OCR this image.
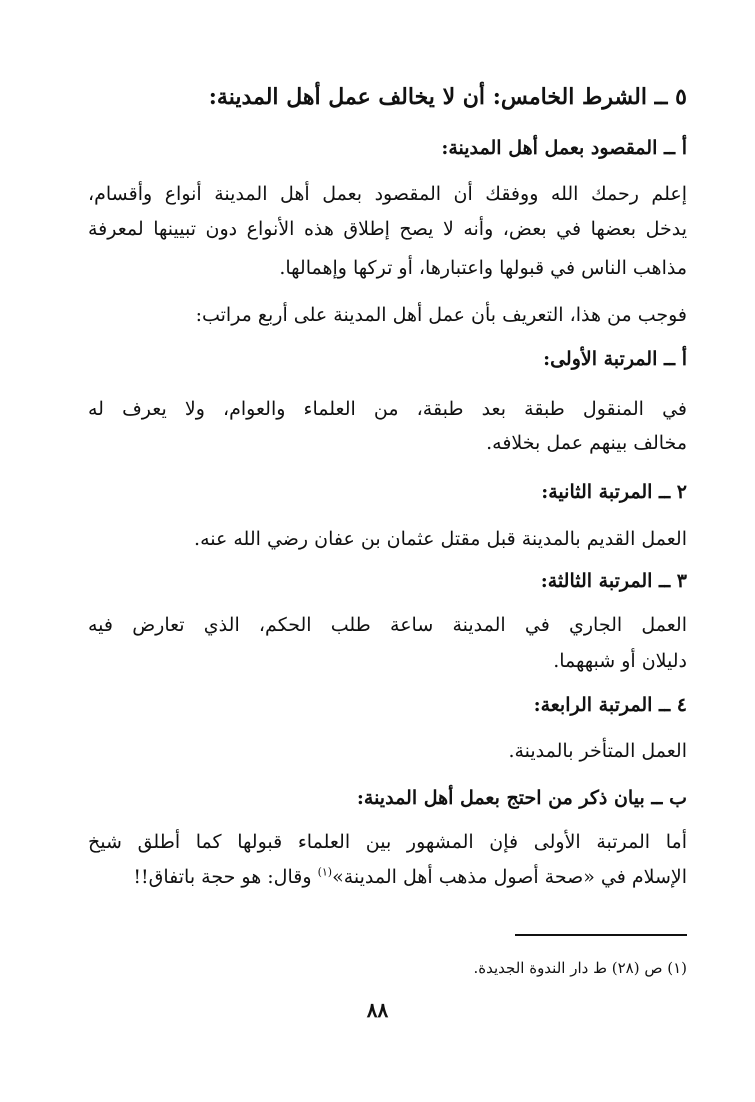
٥ ــ الشرط الخامس: أن لا يخالف عمل أهل المدينة:
أ ــ المقصود بعمل أهل المدينة:
إعلم رحمك الله ووفقك أن المقصود بعمل أهل المدينة أنواع وأقسام،
يدخل بعضها في بعض، وأنه لا يصح إطلاق هذه الأنواع دون تبيينها لمعرفة
مذاهب الناس في قبولها واعتبارها، أو تركها وإهمالها.
فوجب من هذا، التعريف بأن عمل أهل المدينة على أربع مراتب:
أ ــ المرتبة الأولى:
في المنقول طبقة بعد طبقة، من العلماء والعوام، ولا يعرف له
مخالف بينهم عمل بخلافه.
٢ ــ المرتبة الثانية:
العمل القديم بالمدينة قبل مقتل عثمان بن عفان رضي الله عنه.
٣ ــ المرتبة الثالثة:
العمل الجاري في المدينة ساعة طلب الحكم، الذي تعارض فيه
دليلان أو شبههما.
٤ ــ المرتبة الرابعة:
العمل المتأخر بالمدينة.
ب ــ بيان ذكر من احتج بعمل أهل المدينة:
أما المرتبة الأولى فإن المشهور بين العلماء قبولها كما أطلق شيخ
الإسلام في «صحة أصول مذهب أهل المدينة»$^{(١)}$ وقال: هو حجة باتفاق!!
(١) ص (٢٨) ط دار الندوة الجديدة.
٨٨
